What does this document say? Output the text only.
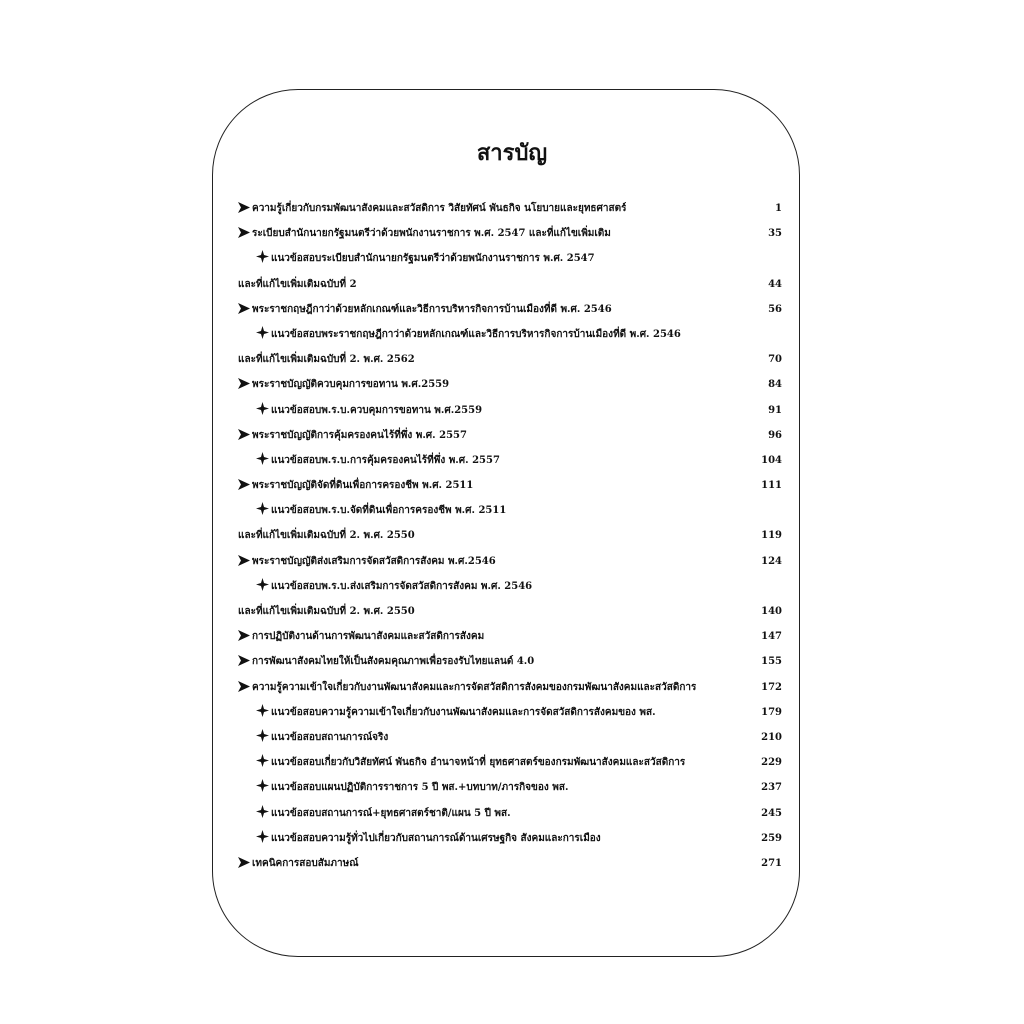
สารบัญ
ความรู้เกี่ยวกับกรมพัฒนาสังคมและสวัสดิการ วิสัยทัศน์ พันธกิจ นโยบายและยุทธศาสตร์	1
ระเบียบสำนักนายกรัฐมนตรีว่าด้วยพนักงานราชการ พ.ศ. 2547 และที่แก้ไขเพิ่มเติม	35
แนวข้อสอบระเบียบสำนักนายกรัฐมนตรีว่าด้วยพนักงานราชการ พ.ศ. 2547
และที่แก้ไขเพิ่มเติมฉบับที่ 2	44
พระราชกฤษฎีกาว่าด้วยหลักเกณฑ์และวิธีการบริหารกิจการบ้านเมืองที่ดี พ.ศ. 2546	56
แนวข้อสอบพระราชกฤษฎีกาว่าด้วยหลักเกณฑ์และวิธีการบริหารกิจการบ้านเมืองที่ดี พ.ศ. 2546
และที่แก้ไขเพิ่มเติมฉบับที่ 2. พ.ศ. 2562	70
พระราชบัญญัติควบคุมการขอทาน พ.ศ.2559	84
แนวข้อสอบพ.ร.บ.ควบคุมการขอทาน พ.ศ.2559	91
พระราชบัญญัติการคุ้มครองคนไร้ที่พึ่ง พ.ศ. 2557	96
แนวข้อสอบพ.ร.บ.การคุ้มครองคนไร้ที่พึ่ง พ.ศ. 2557	104
พระราชบัญญัติจัดที่ดินเพื่อการครองชีพ พ.ศ. 2511	111
แนวข้อสอบพ.ร.บ.จัดที่ดินเพื่อการครองชีพ พ.ศ. 2511
และที่แก้ไขเพิ่มเติมฉบับที่ 2. พ.ศ. 2550	119
พระราชบัญญัติส่งเสริมการจัดสวัสดิการสังคม พ.ศ.2546	124
แนวข้อสอบพ.ร.บ.ส่งเสริมการจัดสวัสดิการสังคม พ.ศ. 2546
และที่แก้ไขเพิ่มเติมฉบับที่ 2. พ.ศ. 2550	140
การปฏิบัติงานด้านการพัฒนาสังคมและสวัสดิการสังคม	147
การพัฒนาสังคมไทยให้เป็นสังคมคุณภาพเพื่อรองรับไทยแลนด์ 4.0	155
ความรู้ความเข้าใจเกี่ยวกับงานพัฒนาสังคมและการจัดสวัสดิการสังคมของกรมพัฒนาสังคมและสวัสดิการ	172
แนวข้อสอบความรู้ความเข้าใจเกี่ยวกับงานพัฒนาสังคมและการจัดสวัสดิการสังคมของ พส.	179
แนวข้อสอบสถานการณ์จริง	210
แนวข้อสอบเกี่ยวกับวิสัยทัศน์ พันธกิจ อำนาจหน้าที่ ยุทธศาสตร์ของกรมพัฒนาสังคมและสวัสดิการ	229
แนวข้อสอบแผนปฏิบัติการราชการ 5 ปี พส.+บทบาท/ภารกิจของ พส.	237
แนวข้อสอบสถานการณ์+ยุทธศาสตร์ชาติ/แผน 5 ปี พส.	245
แนวข้อสอบความรู้ทั่วไปเกี่ยวกับสถานการณ์ด้านเศรษฐกิจ สังคมและการเมือง	259
เทคนิคการสอบสัมภาษณ์	271
